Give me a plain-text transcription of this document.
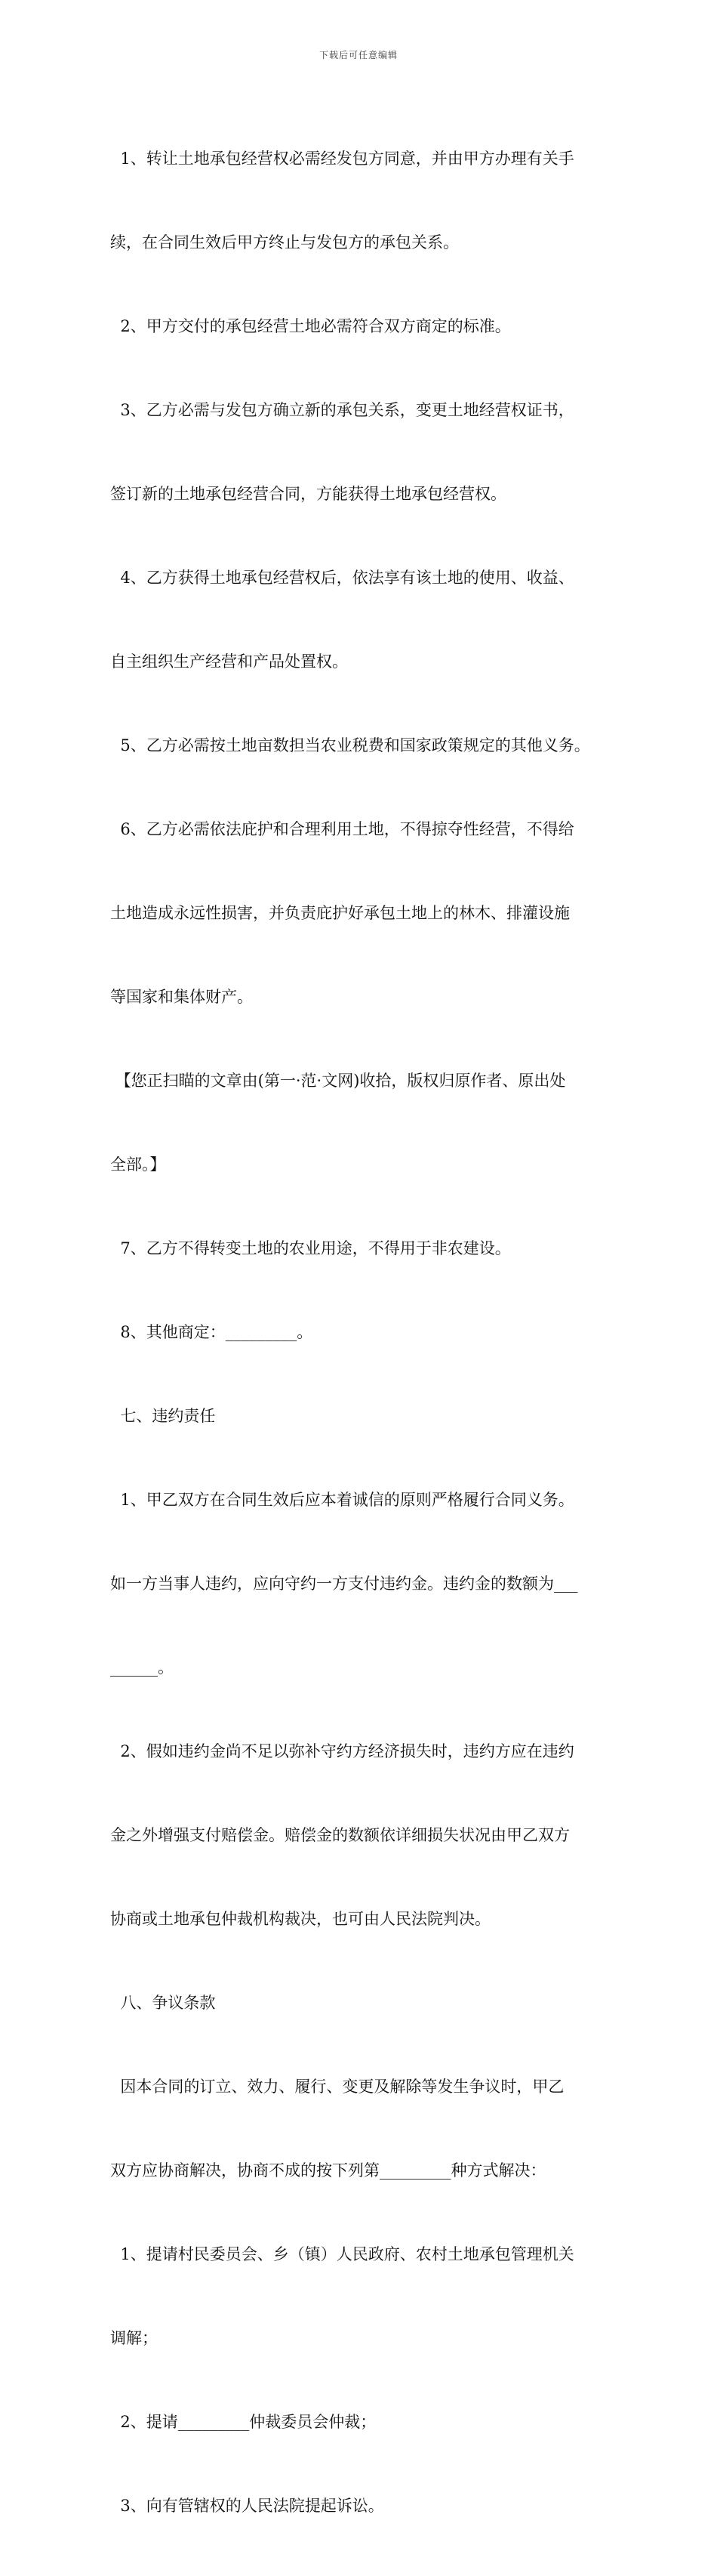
下载后可任意编辑

1、转让土地承包经营权必需经发包方同意，并由甲方办理有关手

续，在合同生效后甲方终止与发包方的承包关系。

2、甲方交付的承包经营土地必需符合双方商定的标准。

3、乙方必需与发包方确立新的承包关系，变更土地经营权证书，

签订新的土地承包经营合同，方能获得土地承包经营权。

4、乙方获得土地承包经营权后，依法享有该土地的使用、收益、

自主组织生产经营和产品处置权。

5、乙方必需按土地亩数担当农业税费和国家政策规定的其他义务。

6、乙方必需依法庇护和合理利用土地，不得掠夺性经营，不得给

土地造成永远性损害，并负责庇护好承包土地上的林木、排灌设施

等国家和集体财产。

【您正扫瞄的文章由(第一·范·文网)收拾，版权归原作者、原出处

全部。】

7、乙方不得转变土地的农业用途，不得用于非农建设。

8、其他商定：_________。

七、违约责任

1、甲乙双方在合同生效后应本着诚信的原则严格履行合同义务。

如一方当事人违约，应向守约一方支付违约金。违约金的数额为___

______。

2、假如违约金尚不足以弥补守约方经济损失时，违约方应在违约

金之外增强支付赔偿金。赔偿金的数额依详细损失状况由甲乙双方

协商或土地承包仲裁机构裁决，也可由人民法院判决。

八、争议条款

因本合同的订立、效力、履行、变更及解除等发生争议时，甲乙

双方应协商解决，协商不成的按下列第_________种方式解决：

1、提请村民委员会、乡（镇）人民政府、农村土地承包管理机关

调解；

2、提请_________仲裁委员会仲裁；

3、向有管辖权的人民法院提起诉讼。
